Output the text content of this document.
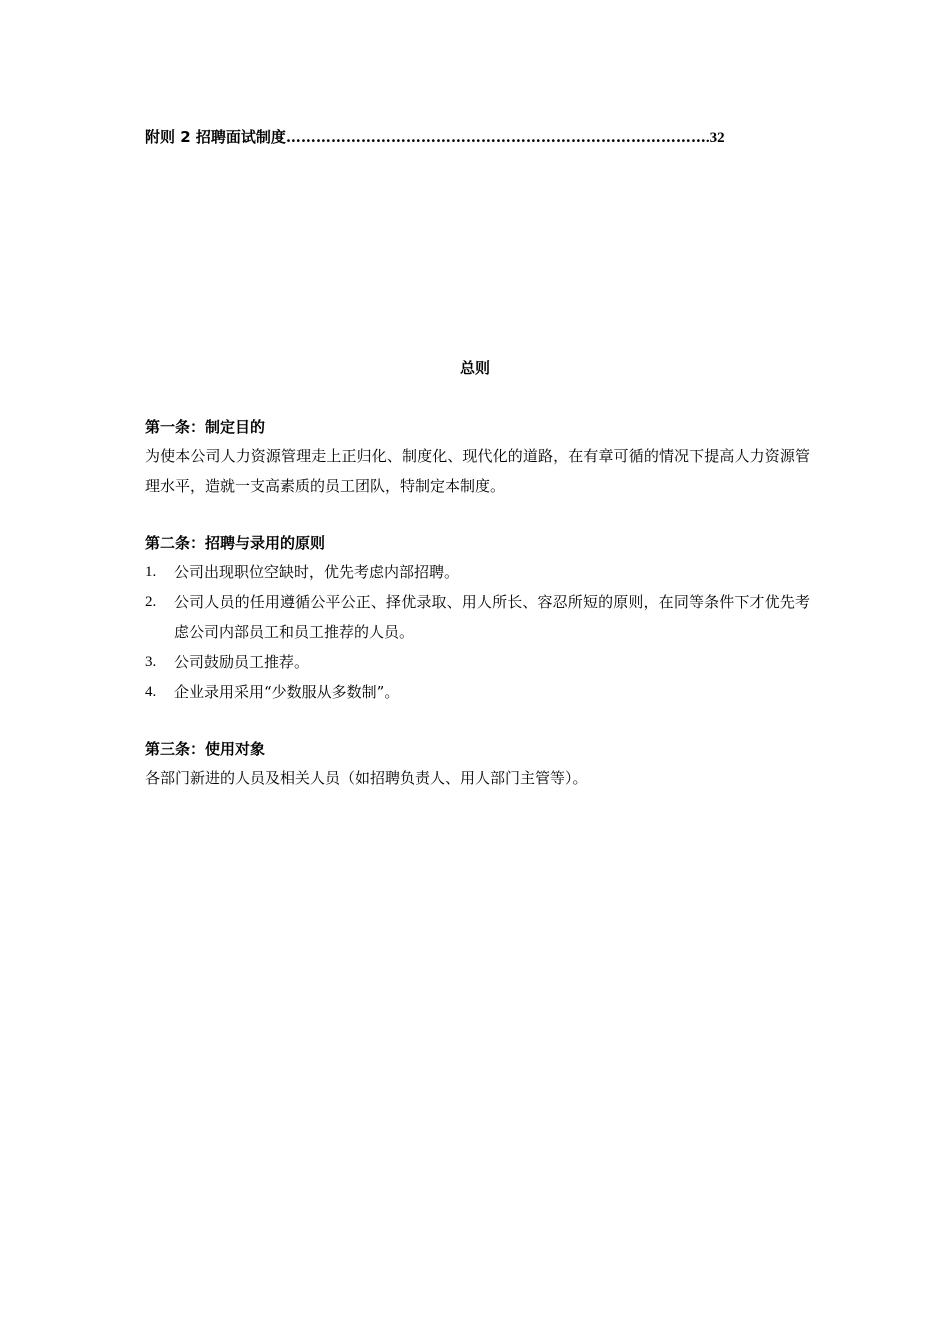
附则 2 招聘面试制度………………………………………………………………………….32
总则

第一条：制定目的

为使本公司人力资源管理走上正归化、制度化、现代化的道路，在有章可循的情况下提高人力资源管理水平，造就一支高素质的员工团队，特制定本制度。

第二条：招聘与录用的原则

1. 公司出现职位空缺时，优先考虑内部招聘。
2. 公司人员的任用遵循公平公正、择优录取、用人所长、容忍所短的原则，在同等条件下才优先考虑公司内部员工和员工推荐的人员。
3. 公司鼓励员工推荐。
4. 企业录用采用“少数服从多数制”。

第三条：使用对象

各部门新进的人员及相关人员（如招聘负责人、用人部门主管等）。
